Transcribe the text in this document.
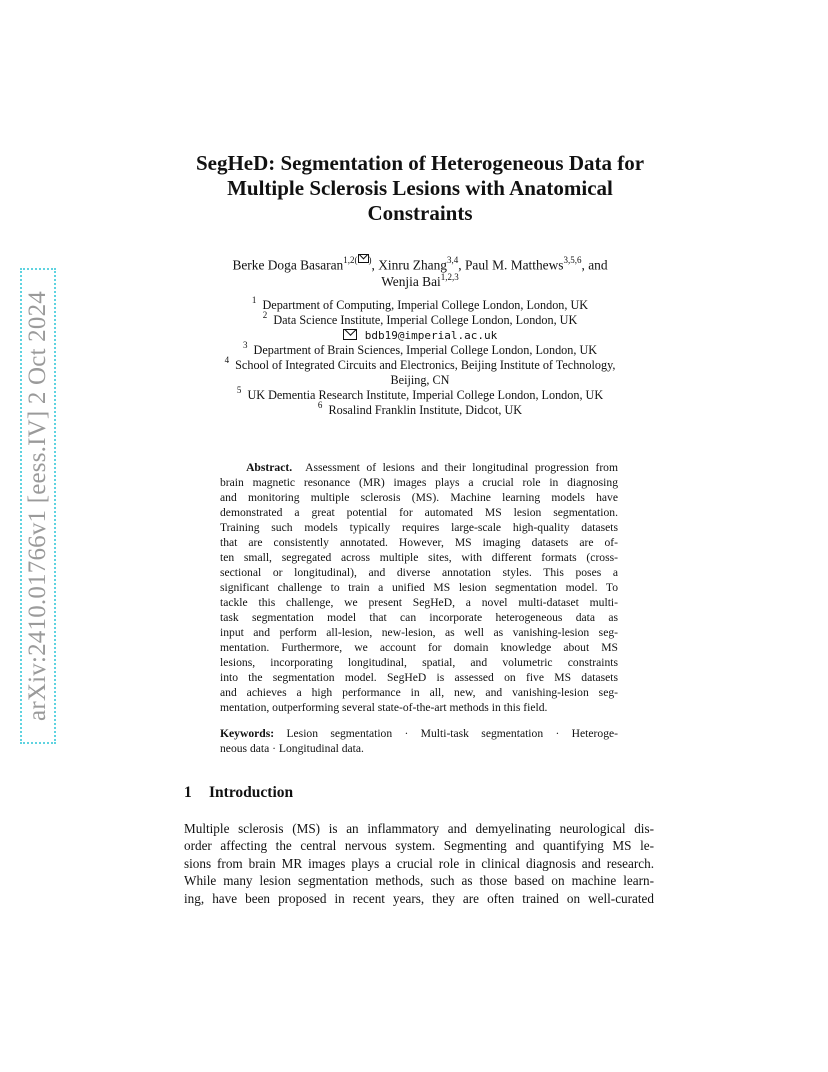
arXiv:2410.01766v1 [eess.IV] 2 Oct 2024
SegHeD: Segmentation of Heterogeneous Data for
Multiple Sclerosis Lesions with Anatomical
Constraints
Berke Doga Basaran$^{1,2( )}$, Xinru Zhang$^{3,4}$, Paul M. Matthews$^{3,5,6}$, and
Wenjia Bai$^{1,2,3}$
$^1$ Department of Computing, Imperial College London, London, UK
$^2$ Data Science Institute, Imperial College London, London, UK
bdb19@imperial.ac.uk
$^3$ Department of Brain Sciences, Imperial College London, London, UK
$^4$ School of Integrated Circuits and Electronics, Beijing Institute of Technology,
Beijing, CN
$^5$ UK Dementia Research Institute, Imperial College London, London, UK
$^6$ Rosalind Franklin Institute, Didcot, UK
Abstract. Assessment of lesions and their longitudinal progression from
brain magnetic resonance (MR) images plays a crucial role in diagnosing
and monitoring multiple sclerosis (MS). Machine learning models have
demonstrated a great potential for automated MS lesion segmentation.
Training such models typically requires large-scale high-quality datasets
that are consistently annotated. However, MS imaging datasets are of-
ten small, segregated across multiple sites, with different formats (cross-
sectional or longitudinal), and diverse annotation styles. This poses a
significant challenge to train a unified MS lesion segmentation model. To
tackle this challenge, we present SegHeD, a novel multi-dataset multi-
task segmentation model that can incorporate heterogeneous data as
input and perform all-lesion, new-lesion, as well as vanishing-lesion seg-
mentation. Furthermore, we account for domain knowledge about MS
lesions, incorporating longitudinal, spatial, and volumetric constraints
into the segmentation model. SegHeD is assessed on five MS datasets
and achieves a high performance in all, new, and vanishing-lesion seg-
mentation, outperforming several state-of-the-art methods in this field.
Keywords: Lesion segmentation · Multi-task segmentation · Heteroge-
neous data · Longitudinal data.
1 Introduction
Multiple sclerosis (MS) is an inflammatory and demyelinating neurological dis-
order affecting the central nervous system. Segmenting and quantifying MS le-
sions from brain MR images plays a crucial role in clinical diagnosis and research.
While many lesion segmentation methods, such as those based on machine learn-
ing, have been proposed in recent years, they are often trained on well-curated
